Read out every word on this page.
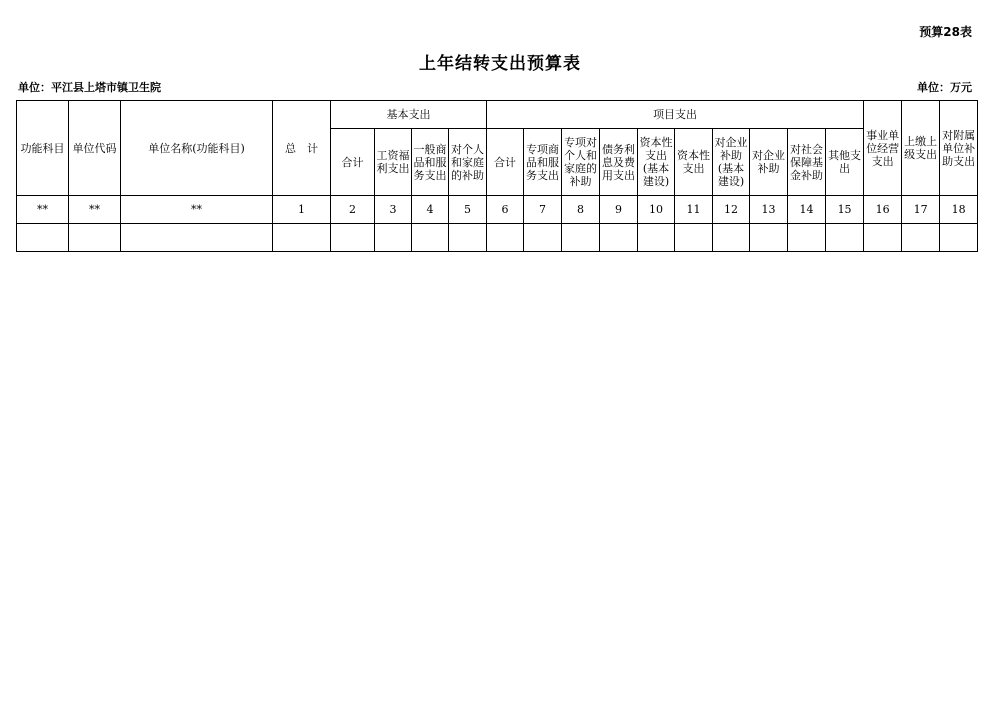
预算28表
上年结转支出预算表
单位：平江县上塔市镇卫生院	单位：万元
功能科目	单位代码	单位名称(功能科目)	总　计	基本支出				项目支出										事业单位经营支出	上缴上级支出	对附属单位补助支出
				合计	工资福利支出	一般商品和服务支出	对个人和家庭的补助	合计	专项商品和服务支出	专项对个人和家庭的补助	债务利息及费用支出	资本性支出(基本建设)	资本性支出	对企业补助(基本建设)	对企业补助	对社会保障基金补助	其他支出			
**	**	**	1	2	3	4	5	6	7	8	9	10	11	12	13	14	15	16	17	18
